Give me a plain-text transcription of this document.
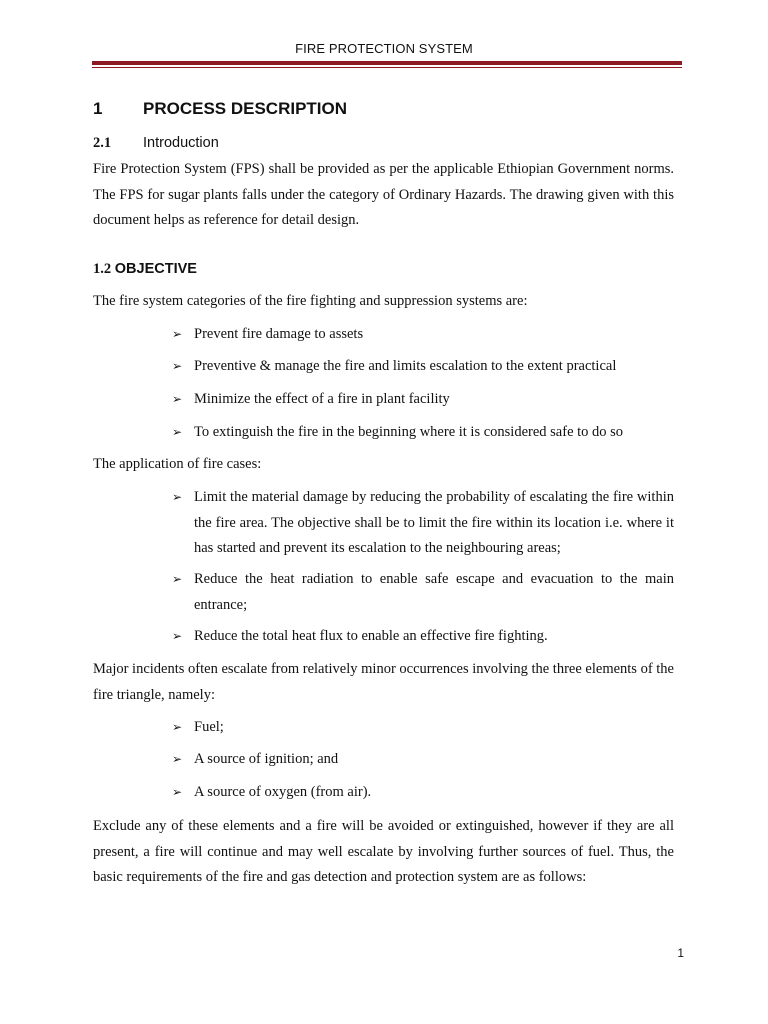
FIRE PROTECTION SYSTEM
1 PROCESS DESCRIPTION
2.1 Introduction

Fire Protection System (FPS) shall be provided as per the applicable Ethiopian Government norms. The FPS for sugar plants falls under the category of Ordinary Hazards. The drawing given with this document helps as reference for detail design.

1.2 OBJECTIVE

The fire system categories of the fire fighting and suppression systems are:

➢ Prevent fire damage to assets
➢ Preventive & manage the fire and limits escalation to the extent practical
➢ Minimize the effect of a fire in plant facility
➢ To extinguish the fire in the beginning where it is considered safe to do so

The application of fire cases:

➢ Limit the material damage by reducing the probability of escalating the fire within the fire area. The objective shall be to limit the fire within its location i.e. where it has started and prevent its escalation to the neighbouring areas;
➢ Reduce the heat radiation to enable safe escape and evacuation to the main entrance;
➢ Reduce the total heat flux to enable an effective fire fighting.

Major incidents often escalate from relatively minor occurrences involving the three elements of the fire triangle, namely:

➢ Fuel;
➢ A source of ignition; and
➢ A source of oxygen (from air).

Exclude any of these elements and a fire will be avoided or extinguished, however if they are all present, a fire will continue and may well escalate by involving further sources of fuel. Thus, the basic requirements of the fire and gas detection and protection system are as follows:

1
